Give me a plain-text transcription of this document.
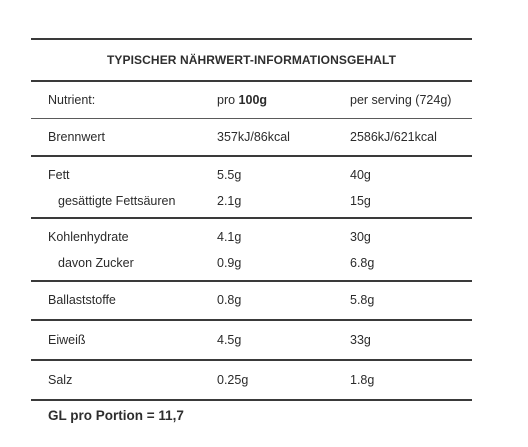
TYPISCHER NÄHRWERT-INFORMATIONSGEHALT
Nutrient:	pro 100g	per serving (724g)
Brennwert	357kJ/86kcal	2586kJ/621kcal
Fett	5.5g	40g
gesättigte Fettsäuren	2.1g	15g
Kohlenhydrate	4.1g	30g
davon Zucker	0.9g	6.8g
Ballaststoffe	0.8g	5.8g
Eiweiß	4.5g	33g
Salz	0.25g	1.8g
GL pro Portion = 11,7
